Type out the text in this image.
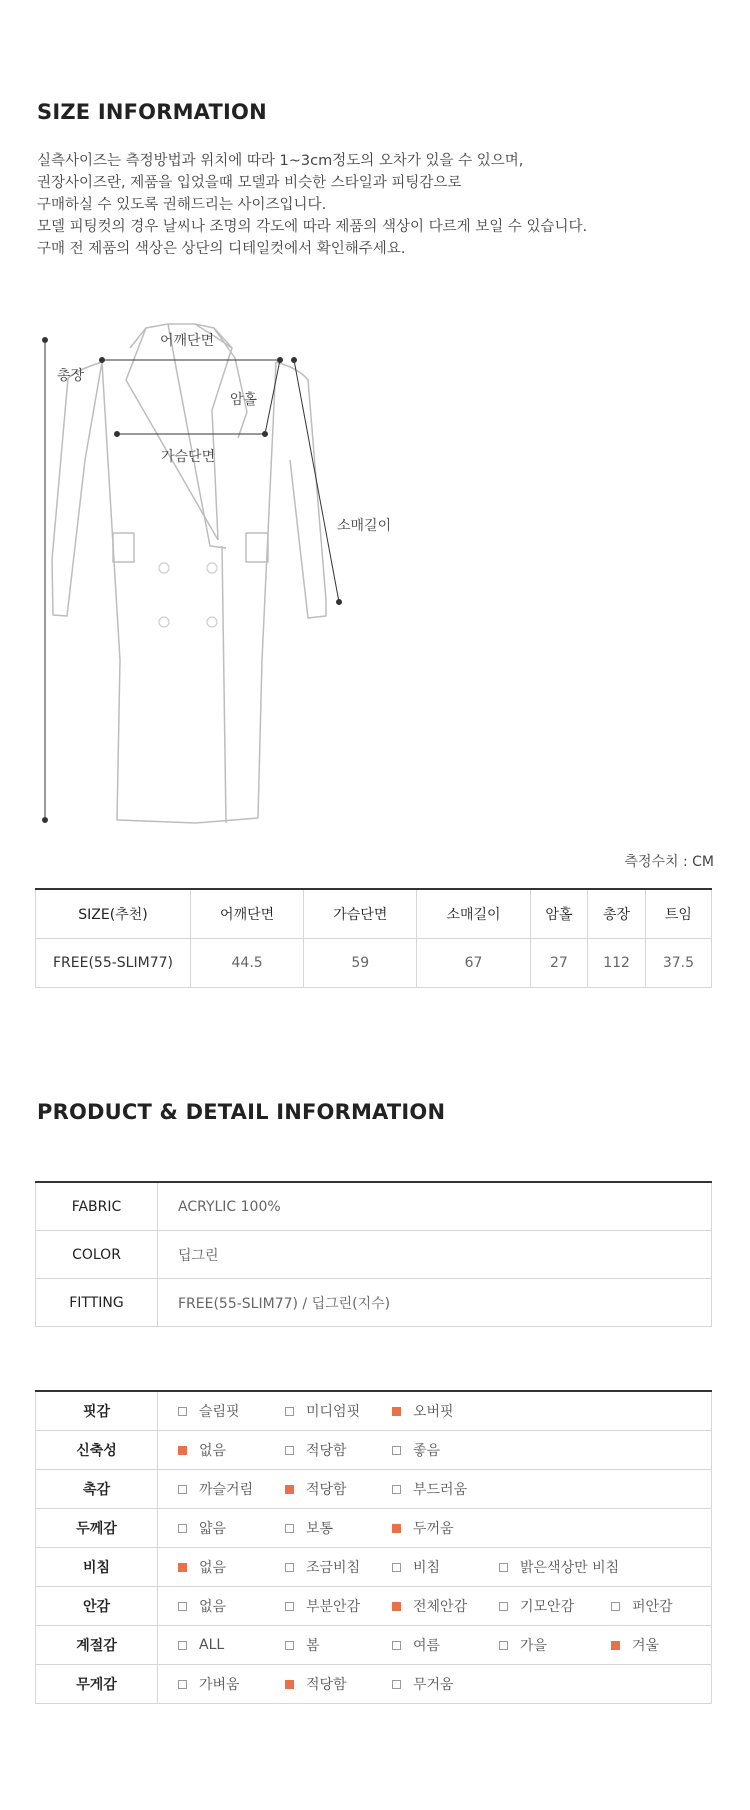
SIZE INFORMATION
실측사이즈는 측정방법과 위치에 따라 1~3cm정도의 오차가 있을 수 있으며,
권장사이즈란, 제품을 입었을때 모델과 비슷한 스타일과 피팅감으로
구매하실 수 있도록 권해드리는 사이즈입니다.
모델 피팅컷의 경우 날씨나 조명의 각도에 따라 제품의 색상이 다르게 보일 수 있습니다.
구매 전 제품의 색상은 상단의 디테일컷에서 확인해주세요.
어깨단면
총장
암홀
가슴단면
소매길이
측정수치 : CM
SIZE(추천)	어깨단면	가슴단면	소매길이	암홀	총장	트임
FREE(55-SLIM77)	44.5	59	67	27	112	37.5
PRODUCT & DETAIL INFORMATION
FABRIC	ACRYLIC 100%
COLOR	딥그린
FITTING	FREE(55-SLIM77) / 딥그린(지수)
핏감	슬림핏 미디엄핏 오버핏

신축성	없음 적당함 좋음

촉감	까슬거림 적당함 부드러움

두께감	얇음 보통 두꺼움

비침	없음 조금비침 비침 밝은색상만 비침

안감	없음 부분안감 전체안감 기모안감 퍼안감

계절감	ALL 봄 여름 가을 겨울

무게감	가벼움 적당함 무거움
